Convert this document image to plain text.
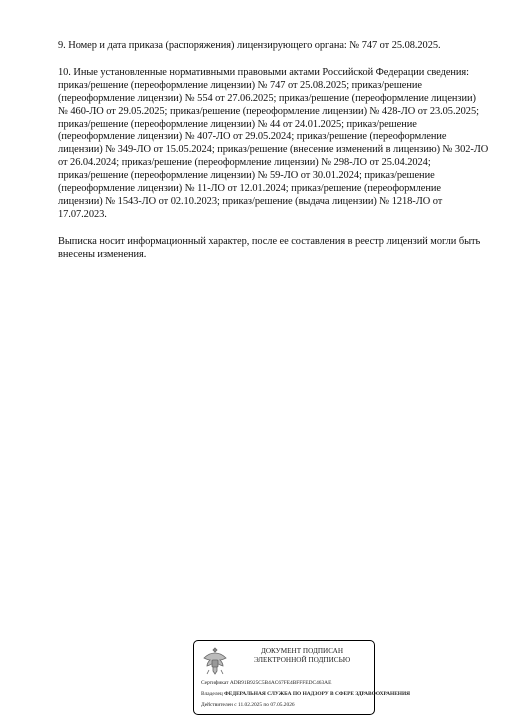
9. Номер и дата приказа (распоряжения) лицензирующего органа: № 747 от 25.08.2025.

10. Иные установленные нормативными правовыми актами Российской Федерации сведения:
приказ/решение (переоформление лицензии) № 747 от 25.08.2025; приказ/решение
(переоформление лицензии) № 554 от 27.06.2025; приказ/решение (переоформление лицензии)
№ 460-ЛО от 29.05.2025; приказ/решение (переоформление лицензии) № 428-ЛО от 23.05.2025;
приказ/решение (переоформление лицензии) № 44 от 24.01.2025; приказ/решение
(переоформление лицензии) № 407-ЛО от 29.05.2024; приказ/решение (переоформление
лицензии) № 349-ЛО от 15.05.2024; приказ/решение (внесение изменений в лицензию) № 302-ЛО
от 26.04.2024; приказ/решение (переоформление лицензии) № 298-ЛО от 25.04.2024;
приказ/решение (переоформление лицензии) № 59-ЛО от 30.01.2024; приказ/решение
(переоформление лицензии) № 11-ЛО от 12.01.2024; приказ/решение (переоформление
лицензии) № 1543-ЛО от 02.10.2023; приказ/решение (выдача лицензии) № 1218-ЛО от
17.07.2023.

Выписка носит информационный характер, после ее составления в реестр лицензий могли быть
внесены изменения.

ДОКУМЕНТ ПОДПИСАН
ЭЛЕКТРОННОЙ ПОДПИСЬЮ
Сертификат ADB91B925C5B4AC67FE4BFFFEDC463AE
Владелец ФЕДЕРАЛЬНАЯ СЛУЖБА ПО НАДЗОРУ В СФЕРЕ ЗДРАВООХРАНЕНИЯ
Действителен с 11.02.2025 по 07.05.2026
